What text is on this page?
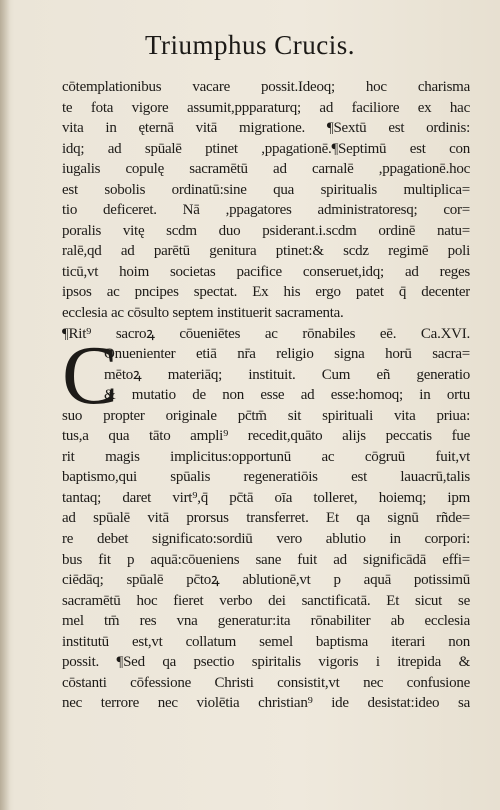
Triumphus Crucis.
C
cōtemplationibus vacare possit.Ideoq; hoc charisma
te fota vigore assumit,ppparaturq; ad faciliore ex hac
vita in ęternā vitā migratione. ¶Sextū est ordinis:
idq; ad spūalē ptinet ,ppagationē.¶Septimū est con
iugalis copulę sacramētū ad carnalē ,ppagationē.hoc
est sobolis ordinatū:sine qua spiritualis multiplica=
tio deficeret. Nā ,ppagatores administratoresq; cor=
poralis vitę scdm duo psiderant.i.scdm ordinē natu=
ralē,qd ad parētū genitura ptinet:& scdz regimē poli
ticū,vt hoim societas pacifice conseruet,idq; ad reges
ipsos ac pncipes spectat. Ex his ergo patet q̄ decenter
ecclesia ac cōsulto septem instituerit sacramenta.
¶Rit⁹ sacroꝝ cōueniētes ac rōnabiles eē. Ca.XVI.
Onuenienter etiā nr̄a religio signa horū sacra=
mētoꝝ materiāq; instituit. Cum eñ generatio
& mutatio de non esse ad esse:homoq; in ortu
suo propter originale pc̄tm̄ sit spirituali vita priua:
tus,a qua tāto ampli⁹ recedit,quāto alijs peccatis fue
rit magis implicitus:opportunū ac cōgruū fuit,vt
baptismo,qui spūalis regeneratiōis est lauacrū,talis
tantaq; daret virt⁹,q̄ pc̄tā oīa tolleret, hoiemq; ipm
ad spūalē vitā prorsus transferret. Et qa signū rñde=
re debet significato:sordiū vero ablutio in corpori:
bus fit p aquā:cōueniens sane fuit ad significādā effi=
ciēdāq; spūalē pc̄toꝝ ablutionē,vt p aquā potissimū
sacramētū hoc fieret verbo dei sanctificatā. Et sicut se
mel tm̄ res vna generatur:ita rōnabiliter ab ecclesia
institutū est,vt collatum semel baptisma iterari non
possit. ¶Sed qa psectio spiritalis vigoris i itrepida &
cōstanti cōfessione Christi consistit,vt nec confusione
nec terrore nec violētia christian⁹ ide desistat:ideo sa
